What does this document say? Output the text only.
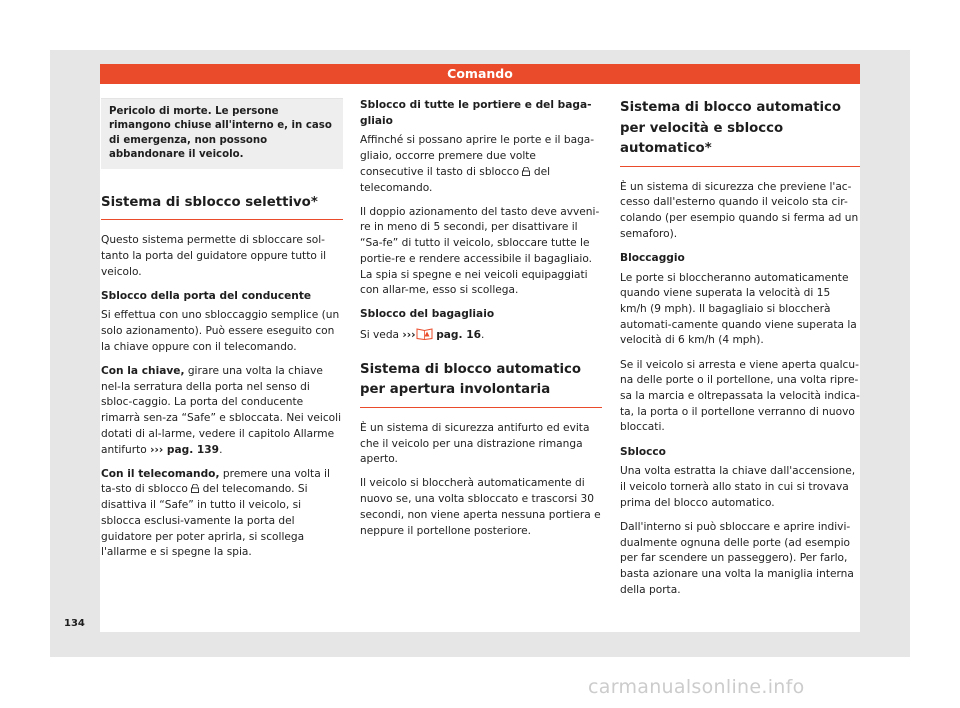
Comando
Pericolo di morte. Le persone rimangono chiuse all'interno e, in caso di emergenza, non possono abbandonare il veicolo.
Sistema di sblocco selettivo*

Questo sistema permette di sbloccare sol-tanto la porta del guidatore oppure tutto il veicolo.

Sblocco della porta del conducente

Si effettua con uno sbloccaggio semplice (un solo azionamento). Può essere eseguito con la chiave oppure con il telecomando.

Con la chiave, girare una volta la chiave nel-la serratura della porta nel senso di sbloc-caggio. La porta del conducente rimarrà sen-za “Safe” e sbloccata. Nei veicoli dotati di al-larme, vedere il capitolo Allarme antifurto ››› pag. 139.

Con il telecomando, premere una volta il ta-sto di sblocco  del telecomando. Si disattiva il “Safe” in tutto il veicolo, si sblocca esclusi-vamente la porta del guidatore per poter aprirla, si scollega l'allarme e si spegne la spia.

Sblocco di tutte le portiere e del baga-gliaio

Affinché si possano aprire le porte e il baga-gliaio, occorre premere due volte consecutive il tasto di sblocco  del telecomando.

Il doppio azionamento del tasto deve avveni-re in meno di 5 secondi, per disattivare il “Sa-fe” di tutto il veicolo, sbloccare tutte le portie-re e rendere accessibile il bagagliaio. La spia si spegne e nei veicoli equipaggiati con allar-me, esso si scollega.

Sblocco del bagagliaio

Si veda ››› pag. 16.

Sistema di blocco automatico per apertura involontaria

È un sistema di sicurezza antifurto ed evita che il veicolo per una distrazione rimanga aperto.

Il veicolo si bloccherà automaticamente di nuovo se, una volta sbloccato e trascorsi 30 secondi, non viene aperta nessuna portiera e neppure il portellone posteriore.

Sistema di blocco automatico per velocità e sblocco automatico*

È un sistema di sicurezza che previene l'ac-cesso dall'esterno quando il veicolo sta cir-colando (per esempio quando si ferma ad un semaforo).

Bloccaggio

Le porte si bloccheranno automaticamente quando viene superata la velocità di 15 km/h (9 mph). Il bagagliaio si bloccherà automati-camente quando viene superata la velocità di 6 km/h (4 mph).

Se il veicolo si arresta e viene aperta qualcu-na delle porte o il portellone, una volta ripre-sa la marcia e oltrepassata la velocità indica-ta, la porta o il portellone verranno di nuovo bloccati.

Sblocco

Una volta estratta la chiave dall'accensione, il veicolo tornerà allo stato in cui si trovava prima del blocco automatico.

Dall'interno si può sbloccare e aprire indivi-dualmente ognuna delle porte (ad esempio per far scendere un passeggero). Per farlo, basta azionare una volta la maniglia interna della porta.

134
carmanualsonline.info
